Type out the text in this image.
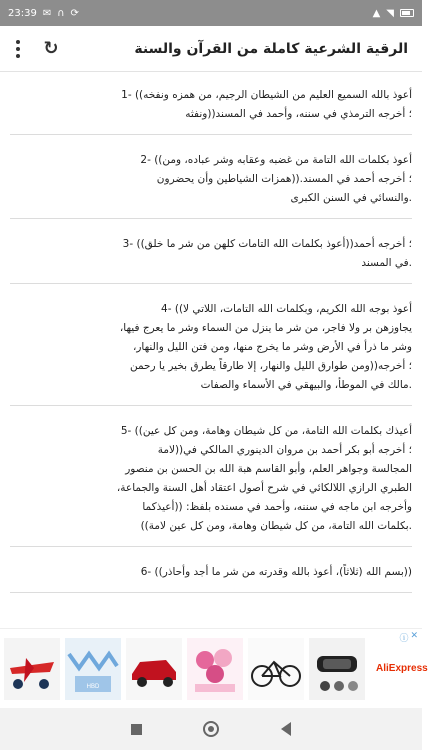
23:39 ✉ ∩ ⟳	▲ ◥
↻	الرقية الشرعية كاملة من القرآن والسنة

أعوذ بالله السميع العليم من الشيطان الرجيم، من همزه ونفخه)) -1

؛ أخرجه الترمذي في سننه، وأحمد في المسند((ونفثه

أعوذ بكلمات الله التامة من غضبه وعقابه وشر عباده، ومن)) -2

؛ أخرجه أحمد في المسند.((همزات الشياطين وأن يحضرون

.والنسائي في السنن الكبرى

؛ أخرجه أحمد((أعوذ بكلمات الله التامات كلهن من شر ما خلق)) -3

.في المسند

أعوذ بوجه الله الكريم، وبكلمات الله التامات، اللاتي لا)) -4

يجاوزهن بر ولا فاجر، من شر ما ينزل من السماء وشر ما يعرج فيها،

وشر ما ذرأ في الأرض وشر ما يخرج منها، ومن فتن الليل والنهار،

؛ أخرجه((ومن طوارق الليل والنهار، إلا طارقاً يطرق بخير يا رحمن

.مالك في الموطأ، والبيهقي في الأسماء والصفات

أعيذك بكلمات الله التامة، من كل شيطان وهامة، ومن كل عين)) -5

؛ أخرجه أبو بكر أحمد بن مروان الدينوري المالكي في((لامة

المجالسة وجواهر العلم، وأبو القاسم هبة الله بن الحسن بن منصور

الطبري الرازي اللالكائي في شرح أصول اعتقاد أهل السنة والجماعة،

وأخرجه ابن ماجه في سننه، وأحمد في مسنده بلفظ: ((أعيذكما

.بكلمات الله التامة، من كل شيطان وهامة، ومن كل عين لامة))

((بسم الله (ثلاثاً)، أعوذ بالله وقدرته من شر ما أجد وأحاذر)) -6

ⓘ ✕
HBD
AliExpress
